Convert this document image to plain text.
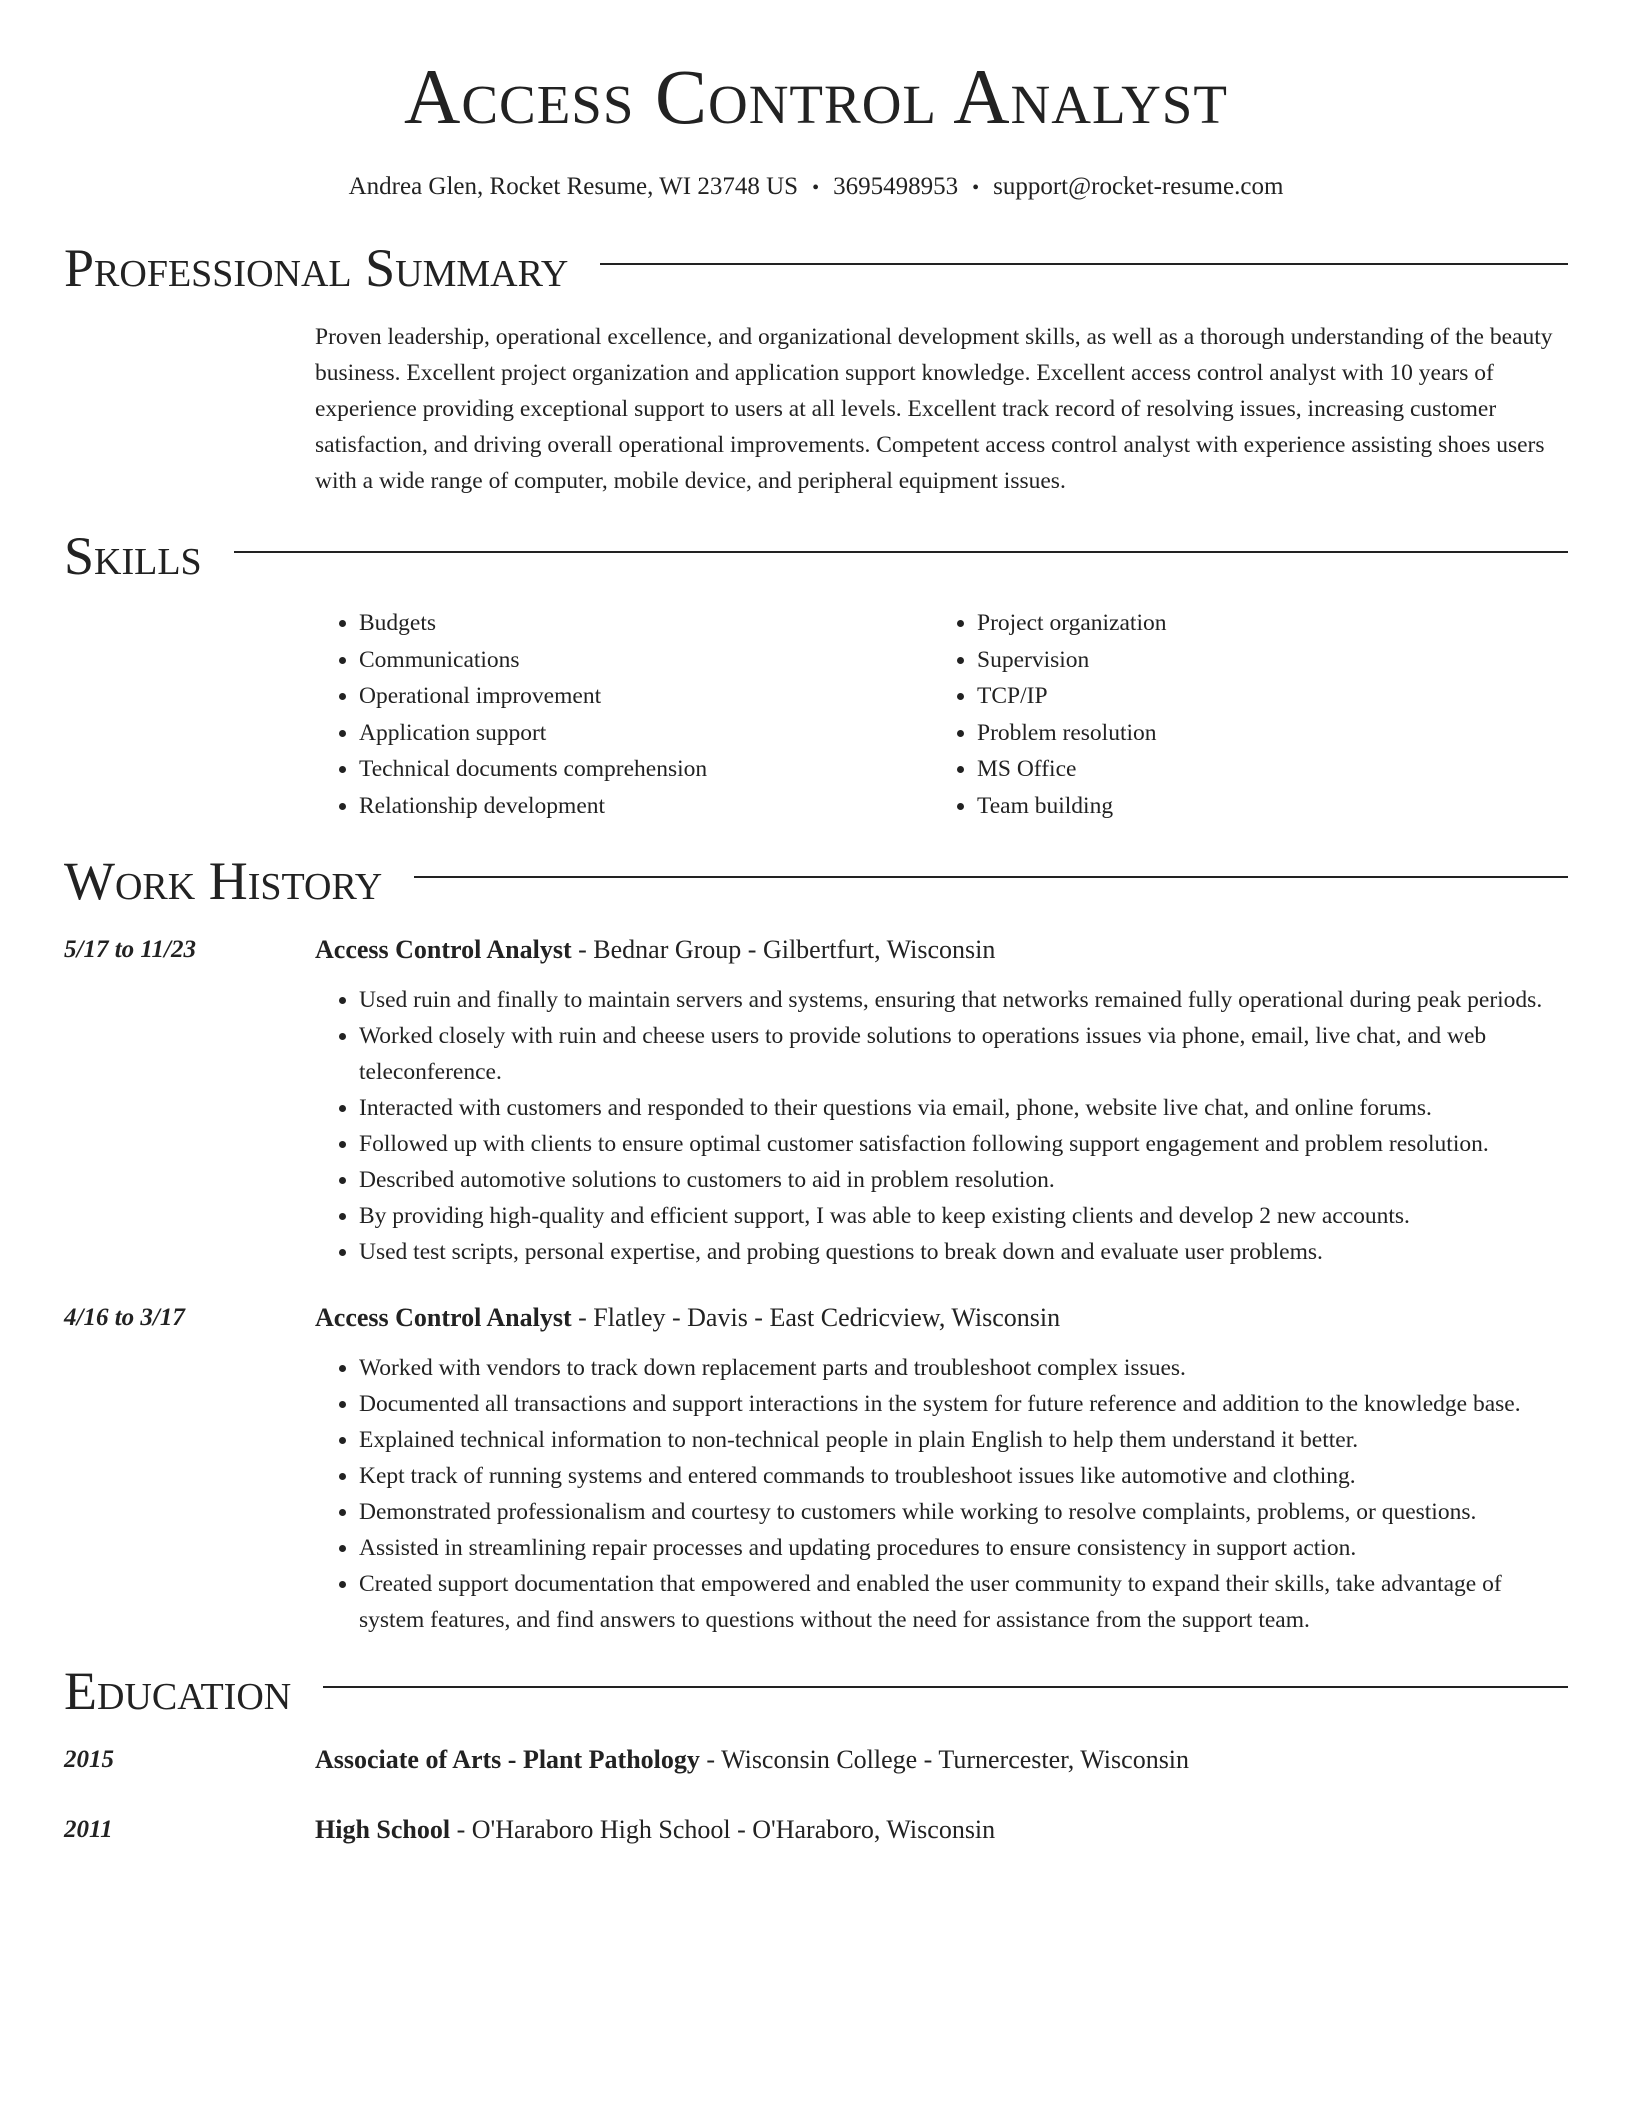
Access Control Analyst
Andrea Glen, Rocket Resume, WI 23748 US • 3695498953 • support@rocket-resume.com
Professional Summary
Proven leadership, operational excellence, and organizational development skills, as well as a thorough understanding of the beauty business. Excellent project organization and application support knowledge. Excellent access control analyst with 10 years of experience providing exceptional support to users at all levels. Excellent track record of resolving issues, increasing customer satisfaction, and driving overall operational improvements. Competent access control analyst with experience assisting shoes users with a wide range of computer, mobile device, and peripheral equipment issues.
Skills
• Budgets
• Communications
• Operational improvement
• Application support
• Technical documents comprehension
• Relationship development
• Project organization
• Supervision
• TCP/IP
• Problem resolution
• MS Office
• Team building
Work History
5/17 to 11/23	Access Control Analyst - Bednar Group - Gilbertfurt, Wisconsin
• Used ruin and finally to maintain servers and systems, ensuring that networks remained fully operational during peak periods.
• Worked closely with ruin and cheese users to provide solutions to operations issues via phone, email, live chat, and web teleconference.
• Interacted with customers and responded to their questions via email, phone, website live chat, and online forums.
• Followed up with clients to ensure optimal customer satisfaction following support engagement and problem resolution.
• Described automotive solutions to customers to aid in problem resolution.
• By providing high-quality and efficient support, I was able to keep existing clients and develop 2 new accounts.
• Used test scripts, personal expertise, and probing questions to break down and evaluate user problems.
4/16 to 3/17	Access Control Analyst - Flatley - Davis - East Cedricview, Wisconsin
• Worked with vendors to track down replacement parts and troubleshoot complex issues.
• Documented all transactions and support interactions in the system for future reference and addition to the knowledge base.
• Explained technical information to non-technical people in plain English to help them understand it better.
• Kept track of running systems and entered commands to troubleshoot issues like automotive and clothing.
• Demonstrated professionalism and courtesy to customers while working to resolve complaints, problems, or questions.
• Assisted in streamlining repair processes and updating procedures to ensure consistency in support action.
• Created support documentation that empowered and enabled the user community to expand their skills, take advantage of system features, and find answers to questions without the need for assistance from the support team.
Education
2015	Associate of Arts - Plant Pathology - Wisconsin College - Turnercester, Wisconsin
2011	High School - O'Haraboro High School - O'Haraboro, Wisconsin
